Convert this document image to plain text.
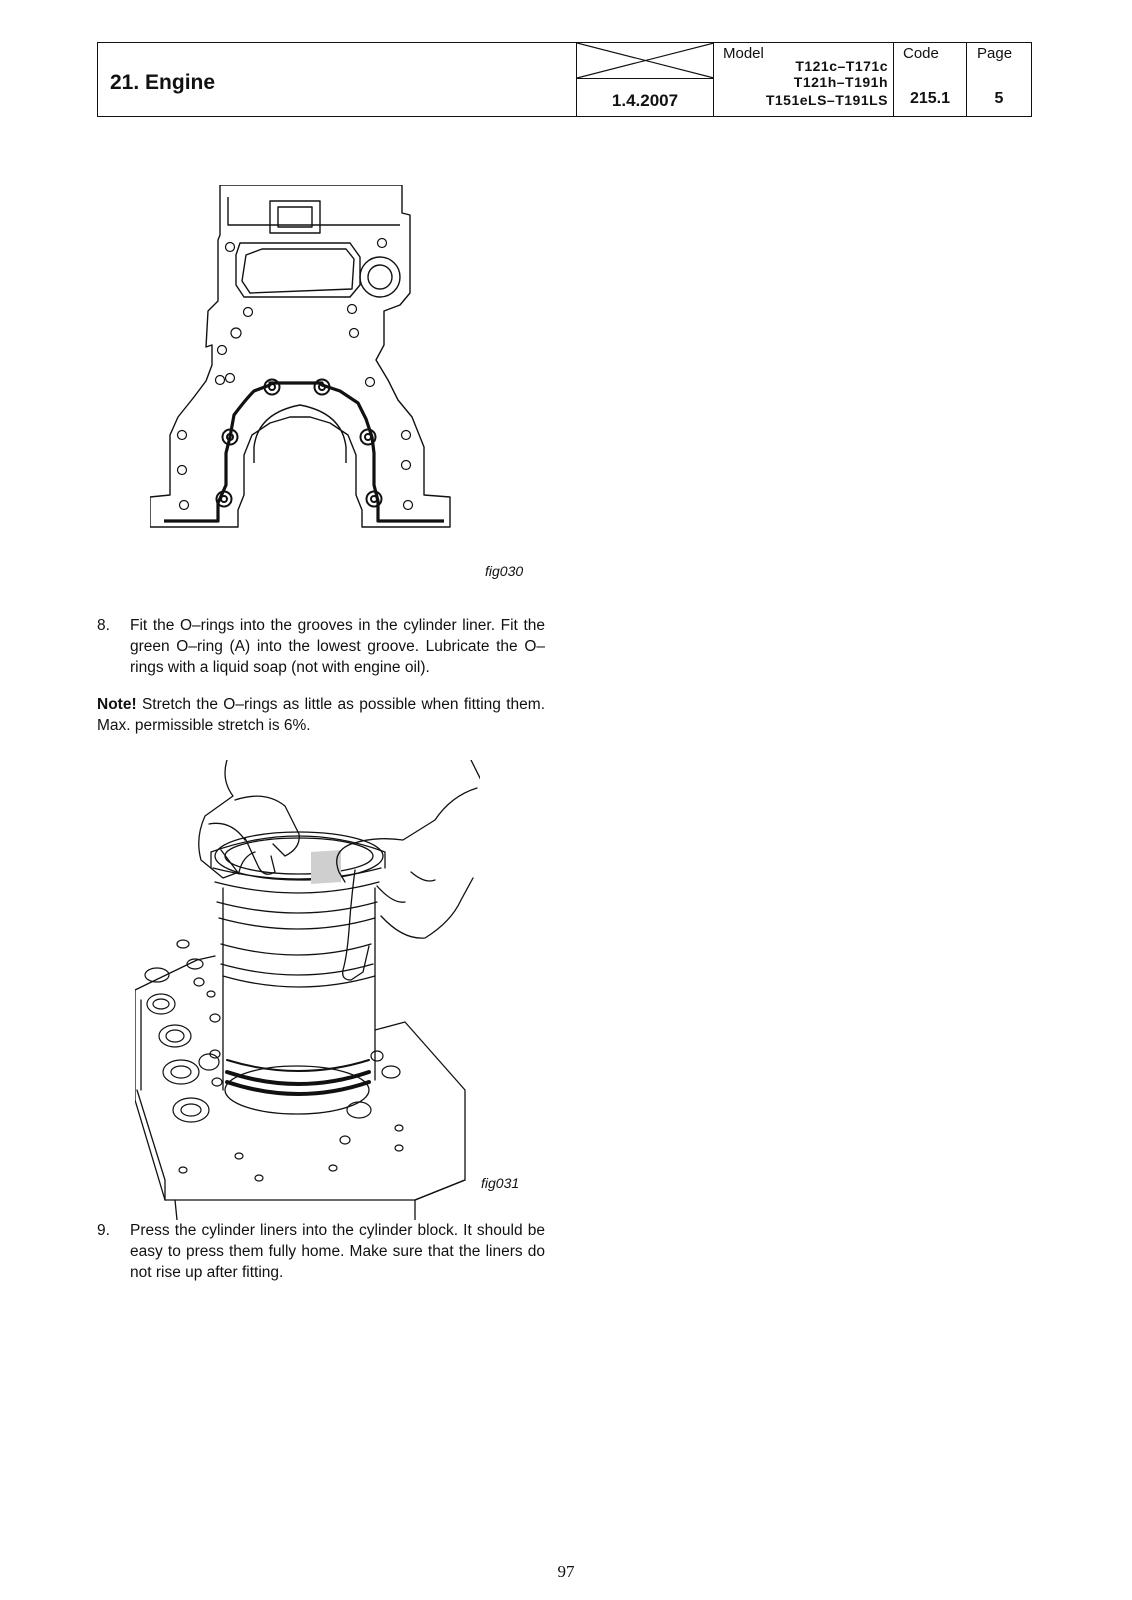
21. Engine
1.4.2007
Model
T121c–T171c
T121h–T191h
T151eLS–T191LS
Code
215.1
Page
5
fig030
8. Fit the O–rings into the grooves in the cylinder liner. Fit the green O–ring (A) into the lowest groove. Lubricate the O–rings with a liquid soap (not with engine oil).
Note! Stretch the O–rings as little as possible when fitting them. Max. permissible stretch is 6%.
fig031
9. Press the cylinder liners into the cylinder block. It should be easy to press them fully home. Make sure that the liners do not rise up after fitting.
97
